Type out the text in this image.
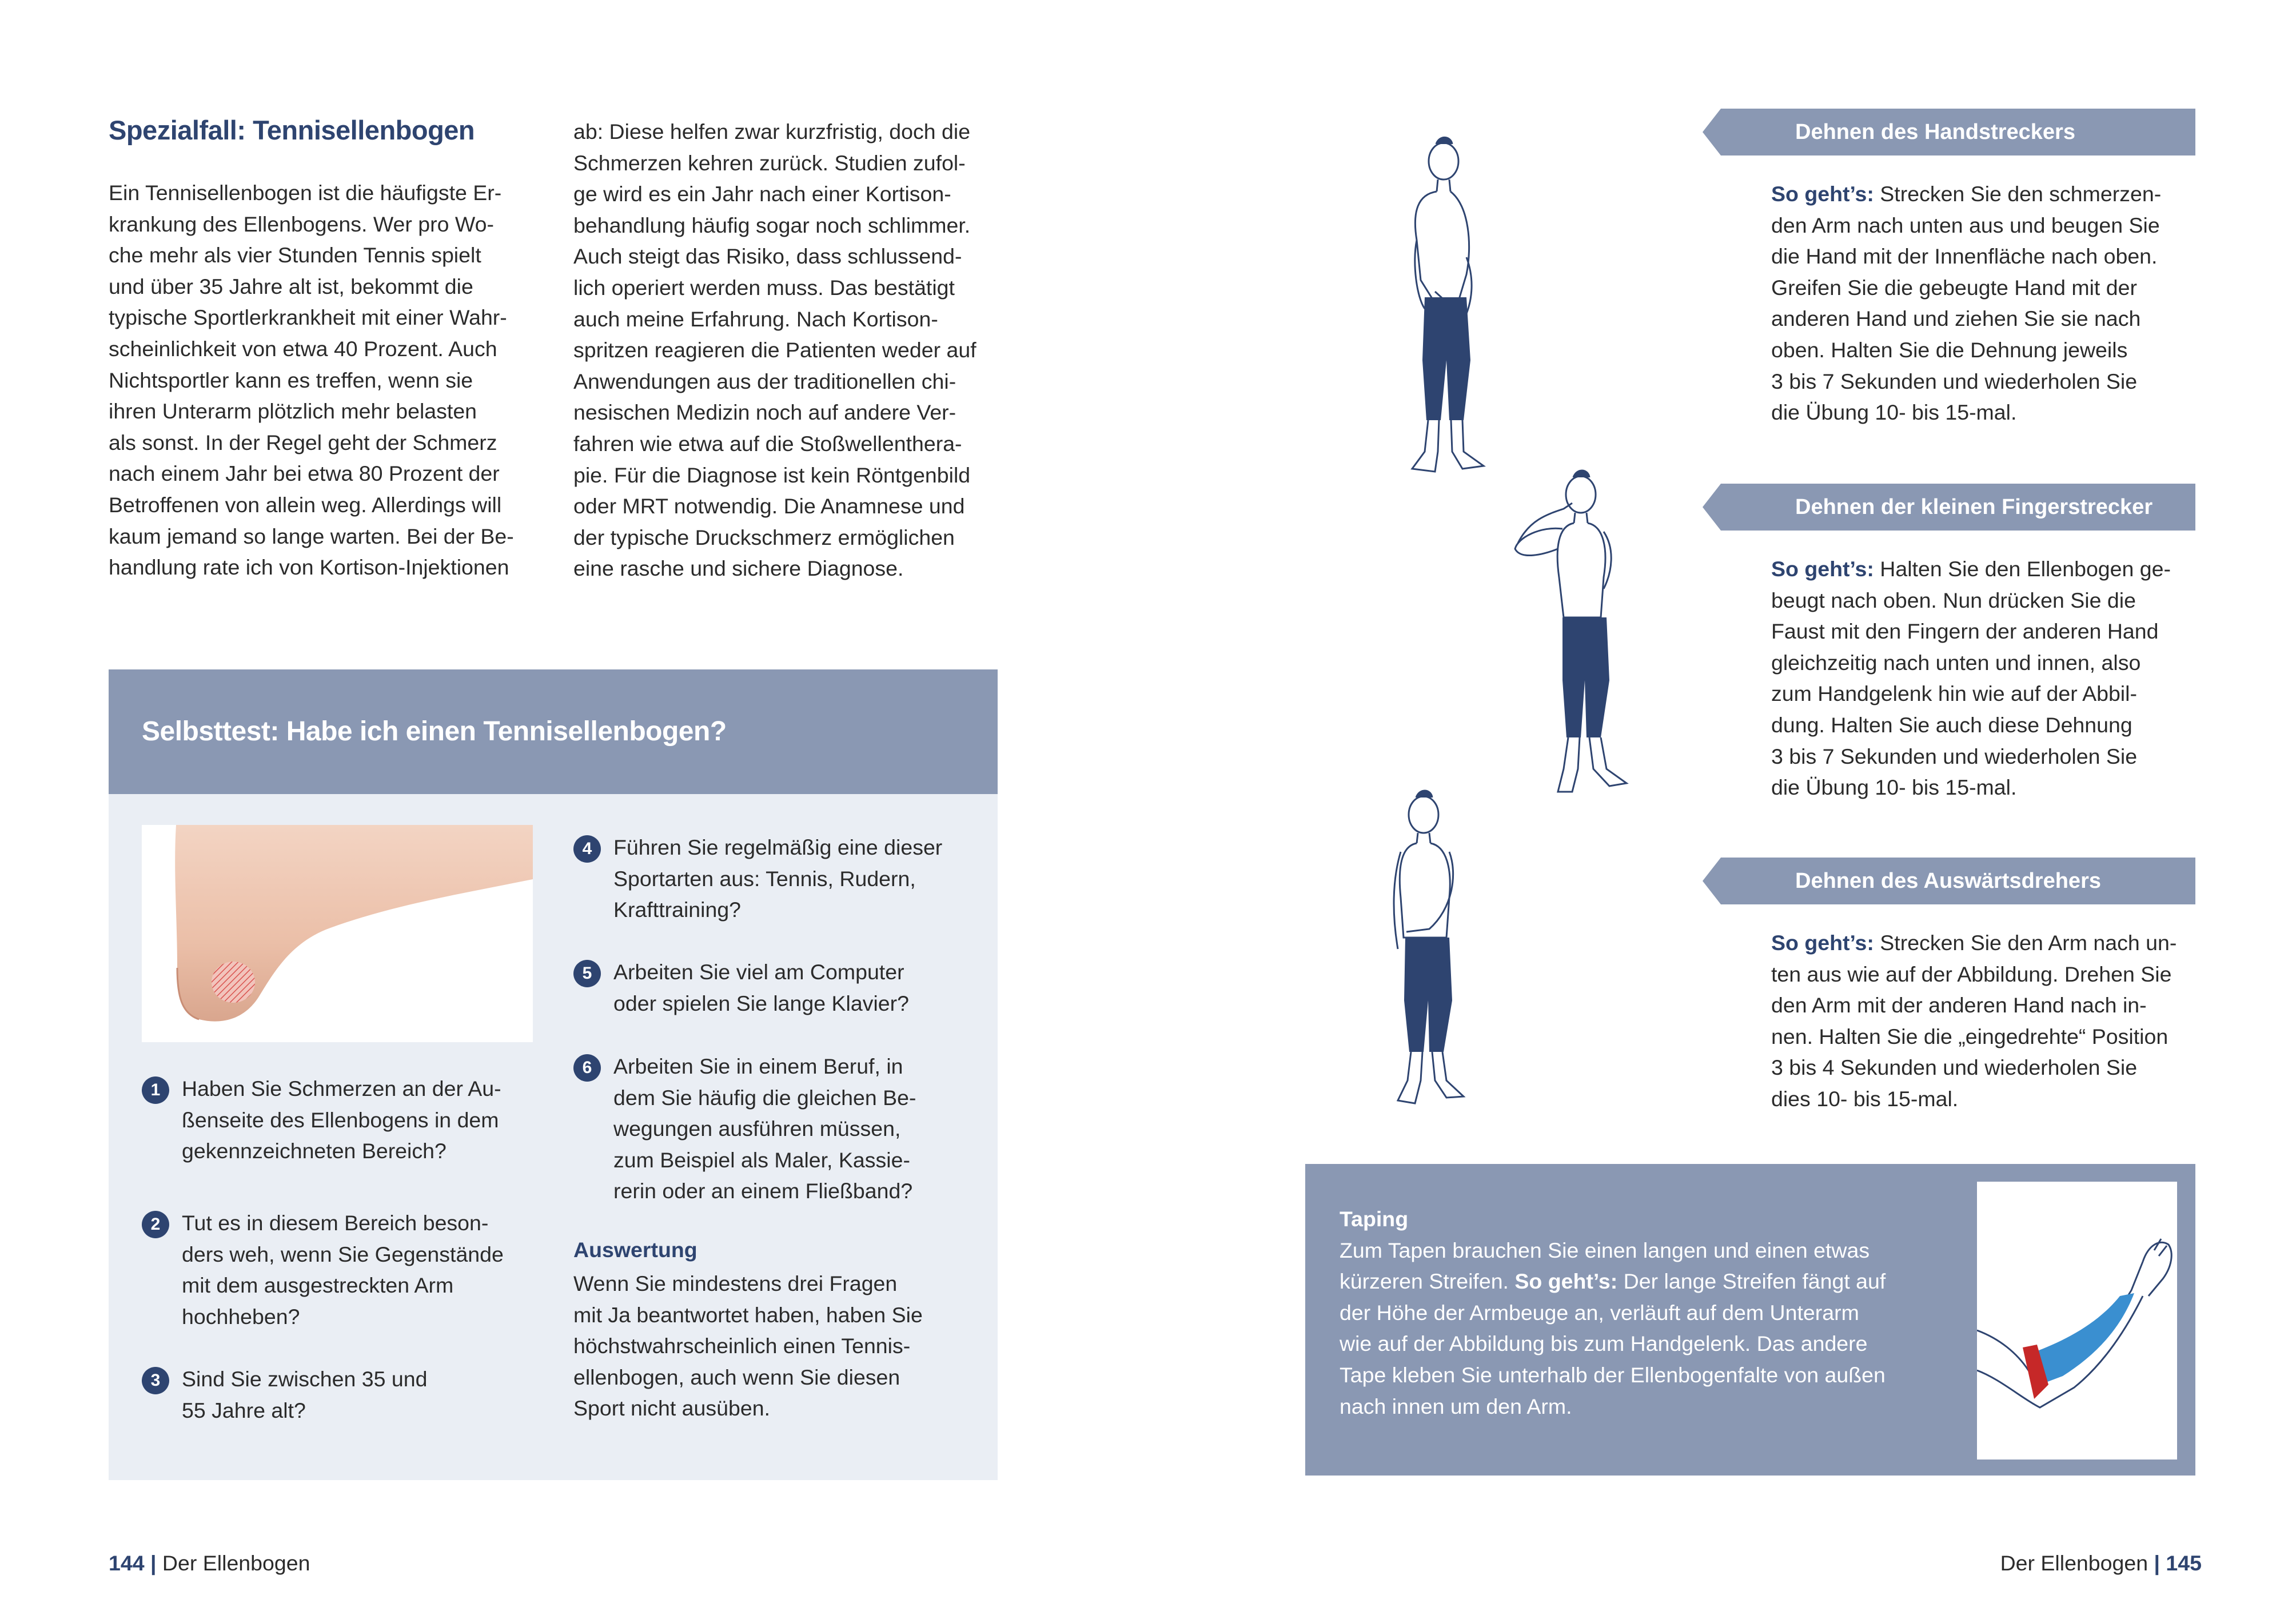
Spezialfall: Tennisellenbogen

Ein Tennisellenbogen ist die häufigste Er-
krankung des Ellenbogens. Wer pro Wo-
che mehr als vier Stunden Tennis spielt
und über 35 Jahre alt ist, bekommt die
typische Sportlerkrankheit mit einer Wahr-
scheinlichkeit von etwa 40 Prozent. Auch
Nichtsportler kann es treffen, wenn sie
ihren Unterarm plötzlich mehr belasten
als sonst. In der Regel geht der Schmerz
nach einem Jahr bei etwa 80 Prozent der
Betroffenen von allein weg. Allerdings will
kaum jemand so lange warten. Bei der Be-
handlung rate ich von Kortison-Injektionen

ab: Diese helfen zwar kurzfristig, doch die
Schmerzen kehren zurück. Studien zufol-
ge wird es ein Jahr nach einer Kortison-
behandlung häufig sogar noch schlimmer.
Auch steigt das Risiko, dass schlussend-
lich operiert werden muss. Das bestätigt
auch meine Erfahrung. Nach Kortison-
spritzen reagieren die Patienten weder auf
Anwendungen aus der traditionellen chi-
nesischen Medizin noch auf andere Ver-
fahren wie etwa auf die Stoßwellenthera-
pie. Für die Diagnose ist kein Röntgenbild
oder MRT notwendig. Die Anamnese und
der typische Druckschmerz ermöglichen
eine rasche und sichere Diagnose.

Selbsttest: Habe ich einen Tennisellenbogen?
1	Haben Sie Schmerzen an der Au-
ßenseite des Ellenbogens in dem
gekennzeichneten Bereich?
2	Tut es in diesem Bereich beson-
ders weh, wenn Sie Gegenstände
mit dem ausgestreckten Arm
hochheben?
3	Sind Sie zwischen 35 und
55 Jahre alt?
4	Führen Sie regelmäßig eine dieser
Sportarten aus: Tennis, Rudern,
Krafttraining?
5	Arbeiten Sie viel am Computer
oder spielen Sie lange Klavier?
6	Arbeiten Sie in einem Beruf, in
dem Sie häufig die gleichen Be-
wegungen ausführen müssen,
zum Beispiel als Maler, Kassie-
rerin oder an einem Fließband?
Auswertung

Wenn Sie mindestens drei Fragen
mit Ja beantwortet haben, haben Sie
höchstwahrscheinlich einen Tennis-
ellenbogen, auch wenn Sie diesen
Sport nicht ausüben.

144 | Der Ellenbogen
Dehnen des Handstreckers
Dehnen der kleinen Fingerstrecker
Dehnen des Auswärtsdrehers
So geht’s: Strecken Sie den schmerzen-
den Arm nach unten aus und beugen Sie
die Hand mit der Innenfläche nach oben.
Greifen Sie die gebeugte Hand mit der
anderen Hand und ziehen Sie sie nach
oben. Halten Sie die Dehnung jeweils
3 bis 7 Sekunden und wiederholen Sie
die Übung 10- bis 15-mal.
So geht’s: Halten Sie den Ellenbogen ge-
beugt nach oben. Nun drücken Sie die
Faust mit den Fingern der anderen Hand
gleichzeitig nach unten und innen, also
zum Handgelenk hin wie auf der Abbil-
dung. Halten Sie auch diese Dehnung
3 bis 7 Sekunden und wiederholen Sie
die Übung 10- bis 15-mal.
So geht’s: Strecken Sie den Arm nach un-
ten aus wie auf der Abbildung. Drehen Sie
den Arm mit der anderen Hand nach in-
nen. Halten Sie die „eingedrehte“ Position
3 bis 4 Sekunden und wiederholen Sie
dies 10- bis 15-mal.
Taping
Zum Tapen brauchen Sie einen langen und einen etwas
kürzeren Streifen. So geht’s: Der lange Streifen fängt auf
der Höhe der Armbeuge an, verläuft auf dem Unterarm
wie auf der Abbildung bis zum Handgelenk. Das andere
Tape kleben Sie unterhalb der Ellenbogenfalte von außen
nach innen um den Arm.
Der Ellenbogen | 145
